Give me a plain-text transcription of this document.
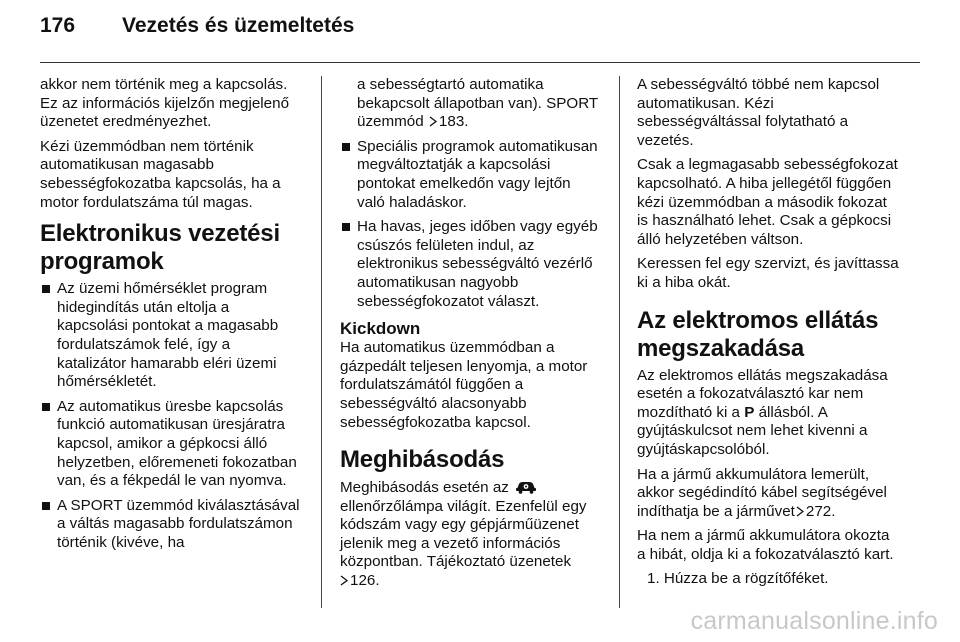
176	Vezetés és üzemeltetés

akkor nem történik meg a kapcsolás. Ez az információs kijelzőn megjelenő üzenetet eredményezhet.

Kézi üzemmódban nem történik automatikusan magasabb sebességfokozatba kapcsolás, ha a motor fordulatszáma túl magas.

Elektronikus vezetési programok
Az üzemi hőmérséklet program hidegindítás után eltolja a kapcsolási pontokat a magasabb fordulatszámok felé, így a katalizátor hamarabb eléri üzemi hőmérsékletét.
Az automatikus üresbe kapcsolás funkció automatikusan üresjáratra kapcsol, amikor a gépkocsi álló helyzetben, előremeneti fokozatban van, és a fékpedál le van nyomva.
A SPORT üzemmód kiválasztásával a váltás magasabb fordulatszámon történik (kivéve, ha

a sebességtartó automatika bekapcsolt állapotban van). SPORT üzemmód 183.

Speciális programok automatikusan megváltoztatják a kapcsolási pontokat emelkedőn vagy lejtőn való haladáskor.
Ha havas, jeges időben vagy egyéb csúszós felületen indul, az elektronikus sebességváltó vezérlő automatikusan nagyobb sebességfokozatot választ.
Kickdown

Ha automatikus üzemmódban a gázpedált teljesen lenyomja, a motor fordulatszámától függően a sebességváltó alacsonyabb sebességfokozatba kapcsol.

Meghibásodás

Meghibásodás esetén az  ellenőrzőlámpa világít. Ezenfelül egy kódszám vagy egy gépjárműüzenet jelenik meg a vezető információs központban. Tájékoztató üzenetek
126.

A sebességváltó többé nem kapcsol automatikusan. Kézi sebességváltással folytatható a vezetés.

Csak a legmagasabb sebességfokozat kapcsolható. A hiba jellegétől függően kézi üzemmódban a második fokozat is használható lehet. Csak a gépkocsi álló helyzetében váltson.

Keressen fel egy szervizt, és javíttassa ki a hiba okát.

Az elektromos ellátás megszakadása

Az elektromos ellátás megszakadása esetén a fokozatválasztó kar nem mozdítható ki a P állásból. A gyújtáskulcsot nem lehet kivenni a gyújtáskapcsolóból.

Ha a jármű akkumulátora lemerült, akkor segédindító kábel segítségével indíthatja be a járművet 272.

Ha nem a jármű akkumulátora okozta a hibát, oldja ki a fokozatválasztó kart.

1. Húzza be a rögzítőféket.
carmanualsonline.info
